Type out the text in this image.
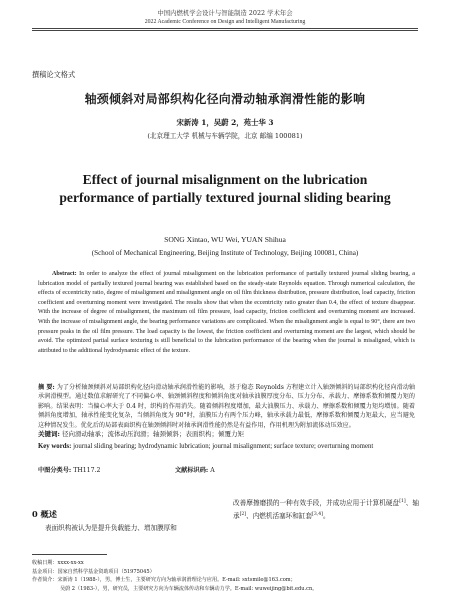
中国内燃机学会设计与智能制造 2022 学术年会
2022 Academic Conference on Design and Intelligent Manufacturing
撰稿论文格式
轴颈倾斜对局部织构化径向滑动轴承润滑性能的影响
宋新涛 1，吴蔚 2，苑士华 3
(北京理工大学 机械与车辆学院，北京 邮编 100081)
Effect of journal misalignment on the lubrication performance of partially textured journal sliding bearing
SONG Xintao, WU Wei, YUAN Shihua
(School of Mechanical Engineering, Beijing Institute of Technology, Beijing 100081, China)
Abstract: In order to analyze the effect of journal misalignment on the lubrication performance of partially textured journal sliding bearing, a lubrication model of partially textured journal bearing was established based on the steady-state Reynolds equation. Through numerical calculation, the effects of eccentricity ratio, degree of misalignment and misalignment angle on oil film thickness distribution, pressure distribution, load capacity, friction coefficient and overturning moment were investigated. The results show that when the eccentricity ratio greater than 0.4, the effect of texture disappear. With the increase of degree of misalignment, the maximum oil film pressure, load capacity, friction coefficient and overturning moment are increased. With the increase of misalignment angle, the bearing performance variations are complicated. When the misalignment angle is equal to 90°, there are two pressure peaks in the oil film pressure. The load capacity is the lowest, the friction coefficient and overturning moment are the largest, which should be avoid. The optimized partial surface texturing is still beneficial to the lubrication performance of the bearing when the journal is misaligned, which is attributed to the additional hydrodynamic effect of the texture.
摘 要: 为了分析轴颈倾斜对局部织构化径向滑动轴承润滑性能的影响，基于稳态 Reynolds 方程建立计入轴颈倾斜的局部织构化径向滑动轴承润滑模型。通过数值求解研究了不同偏心率、轴颈倾斜程度和倾斜角度对轴承油膜厚度分布、压力分布、承载力、摩擦系数和倾覆力矩的影响。结果表明：当偏心率大于 0.4 时，织构的作用消失。随着倾斜程度增加，最大油膜压力、承载力、摩擦系数和倾覆力矩均增加。随着倾斜角度增加，轴承性能变化复杂，当倾斜角度为 90°时，油膜压力有两个压力峰，轴承承载力最低，摩擦系数和倾覆力矩最大，应当避免这种情况发生。优化后的局部表面织构在轴颈倾斜时对轴承润滑性能仍然是有益作用，作用机理为附加流体动压效应。
关键词: 径向滑动轴承；流体动压润滑；轴颈倾斜；表面织构；倾覆力矩
Key words: journal sliding bearing; hydrodynamic lubrication; journal misalignment; surface texture; overturning moment
中图分类号: TH117.2	文献标识码: A
0 概述
表面织构被认为是提升负载能力、增加膜厚和
改善摩擦磨损的一种有效手段，并成功应用于计算机硬盘[1]、轴承[2]、内燃机活塞环和缸套[3,4]。
收稿日期：xxxx-xx-xx
基金项目：国家自然科学基金资助项目（51975045）
作者简介：宋新涛 1（1988-），男，博士生，主要研究方向为轴承润滑理论与应用。E-mail: sxtsmile@163.com；
吴蔚 2（1983-），男，研究员，主要研究方向为车辆流体传动和车辆动力学。E-mail: wuweijing@bit.edu.cn。
